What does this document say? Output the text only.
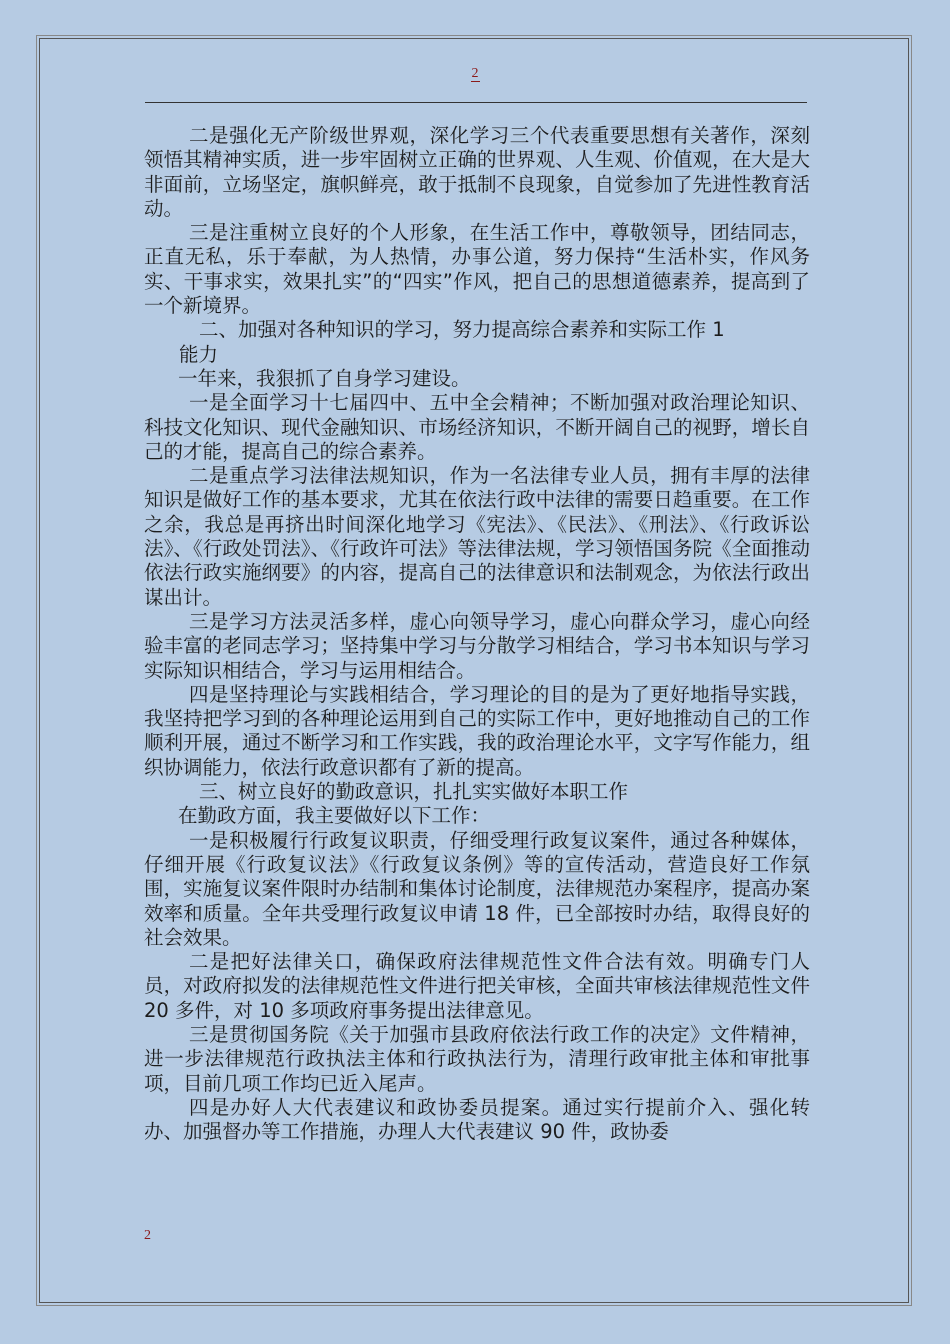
2

二是强化无产阶级世界观，深化学习三个代表重要思想有关著作，深刻领悟其精神实质，进一步牢固树立正确的世界观、人生观、价值观，在大是大非面前，立场坚定，旗帜鲜亮，敢于抵制不良现象，自觉参加了先进性教育活动。

三是注重树立良好的个人形象，在生活工作中，尊敬领导，团结同志，正直无私，乐于奉献，为人热情，办事公道，努力保持“生活朴实，作风务实、干事求实，效果扎实”的“四实”作风，把自己的思想道德素养，提高到了一个新境界。

二、加强对各种知识的学习，努力提高综合素养和实际工作 1

能力

一年来，我狠抓了自身学习建设。

一是全面学习十七届四中、五中全会精神；不断加强对政治理论知识、科技文化知识、现代金融知识、市场经济知识，不断开阔自己的视野，增长自己的才能，提高自己的综合素养。

二是重点学习法律法规知识，作为一名法律专业人员，拥有丰厚的法律知识是做好工作的基本要求，尤其在依法行政中法律的需要日趋重要。在工作之余，我总是再挤出时间深化地学习《宪法》、《民法》、《刑法》、《行政诉讼法》、《行政处罚法》、《行政许可法》等法律法规，学习领悟国务院《全面推动依法行政实施纲要》的内容，提高自己的法律意识和法制观念，为依法行政出谋出计。

三是学习方法灵活多样，虚心向领导学习，虚心向群众学习，虚心向经验丰富的老同志学习；坚持集中学习与分散学习相结合，学习书本知识与学习实际知识相结合，学习与运用相结合。

四是坚持理论与实践相结合，学习理论的目的是为了更好地指导实践，我坚持把学习到的各种理论运用到自己的实际工作中，更好地推动自己的工作顺利开展，通过不断学习和工作实践，我的政治理论水平，文字写作能力，组织协调能力，依法行政意识都有了新的提高。

三、树立良好的勤政意识，扎扎实实做好本职工作

在勤政方面，我主要做好以下工作：

一是积极履行行政复议职责，仔细受理行政复议案件，通过各种媒体，仔细开展《行政复议法》《行政复议条例》等的宣传活动，营造良好工作氛围，实施复议案件限时办结制和集体讨论制度，法律规范办案程序，提高办案效率和质量。全年共受理行政复议申请 18 件，已全部按时办结，取得良好的社会效果。

二是把好法律关口，确保政府法律规范性文件合法有效。明确专门人员，对政府拟发的法律规范性文件进行把关审核，全面共审核法律规范性文件 20 多件，对 10 多项政府事务提出法律意见。

三是贯彻国务院《关于加强市县政府依法行政工作的决定》文件精神，进一步法律规范行政执法主体和行政执法行为，清理行政审批主体和审批事项，目前几项工作均已近入尾声。

四是办好人大代表建议和政协委员提案。通过实行提前介入、强化转办、加强督办等工作措施，办理人大代表建议 90 件，政协委

2
